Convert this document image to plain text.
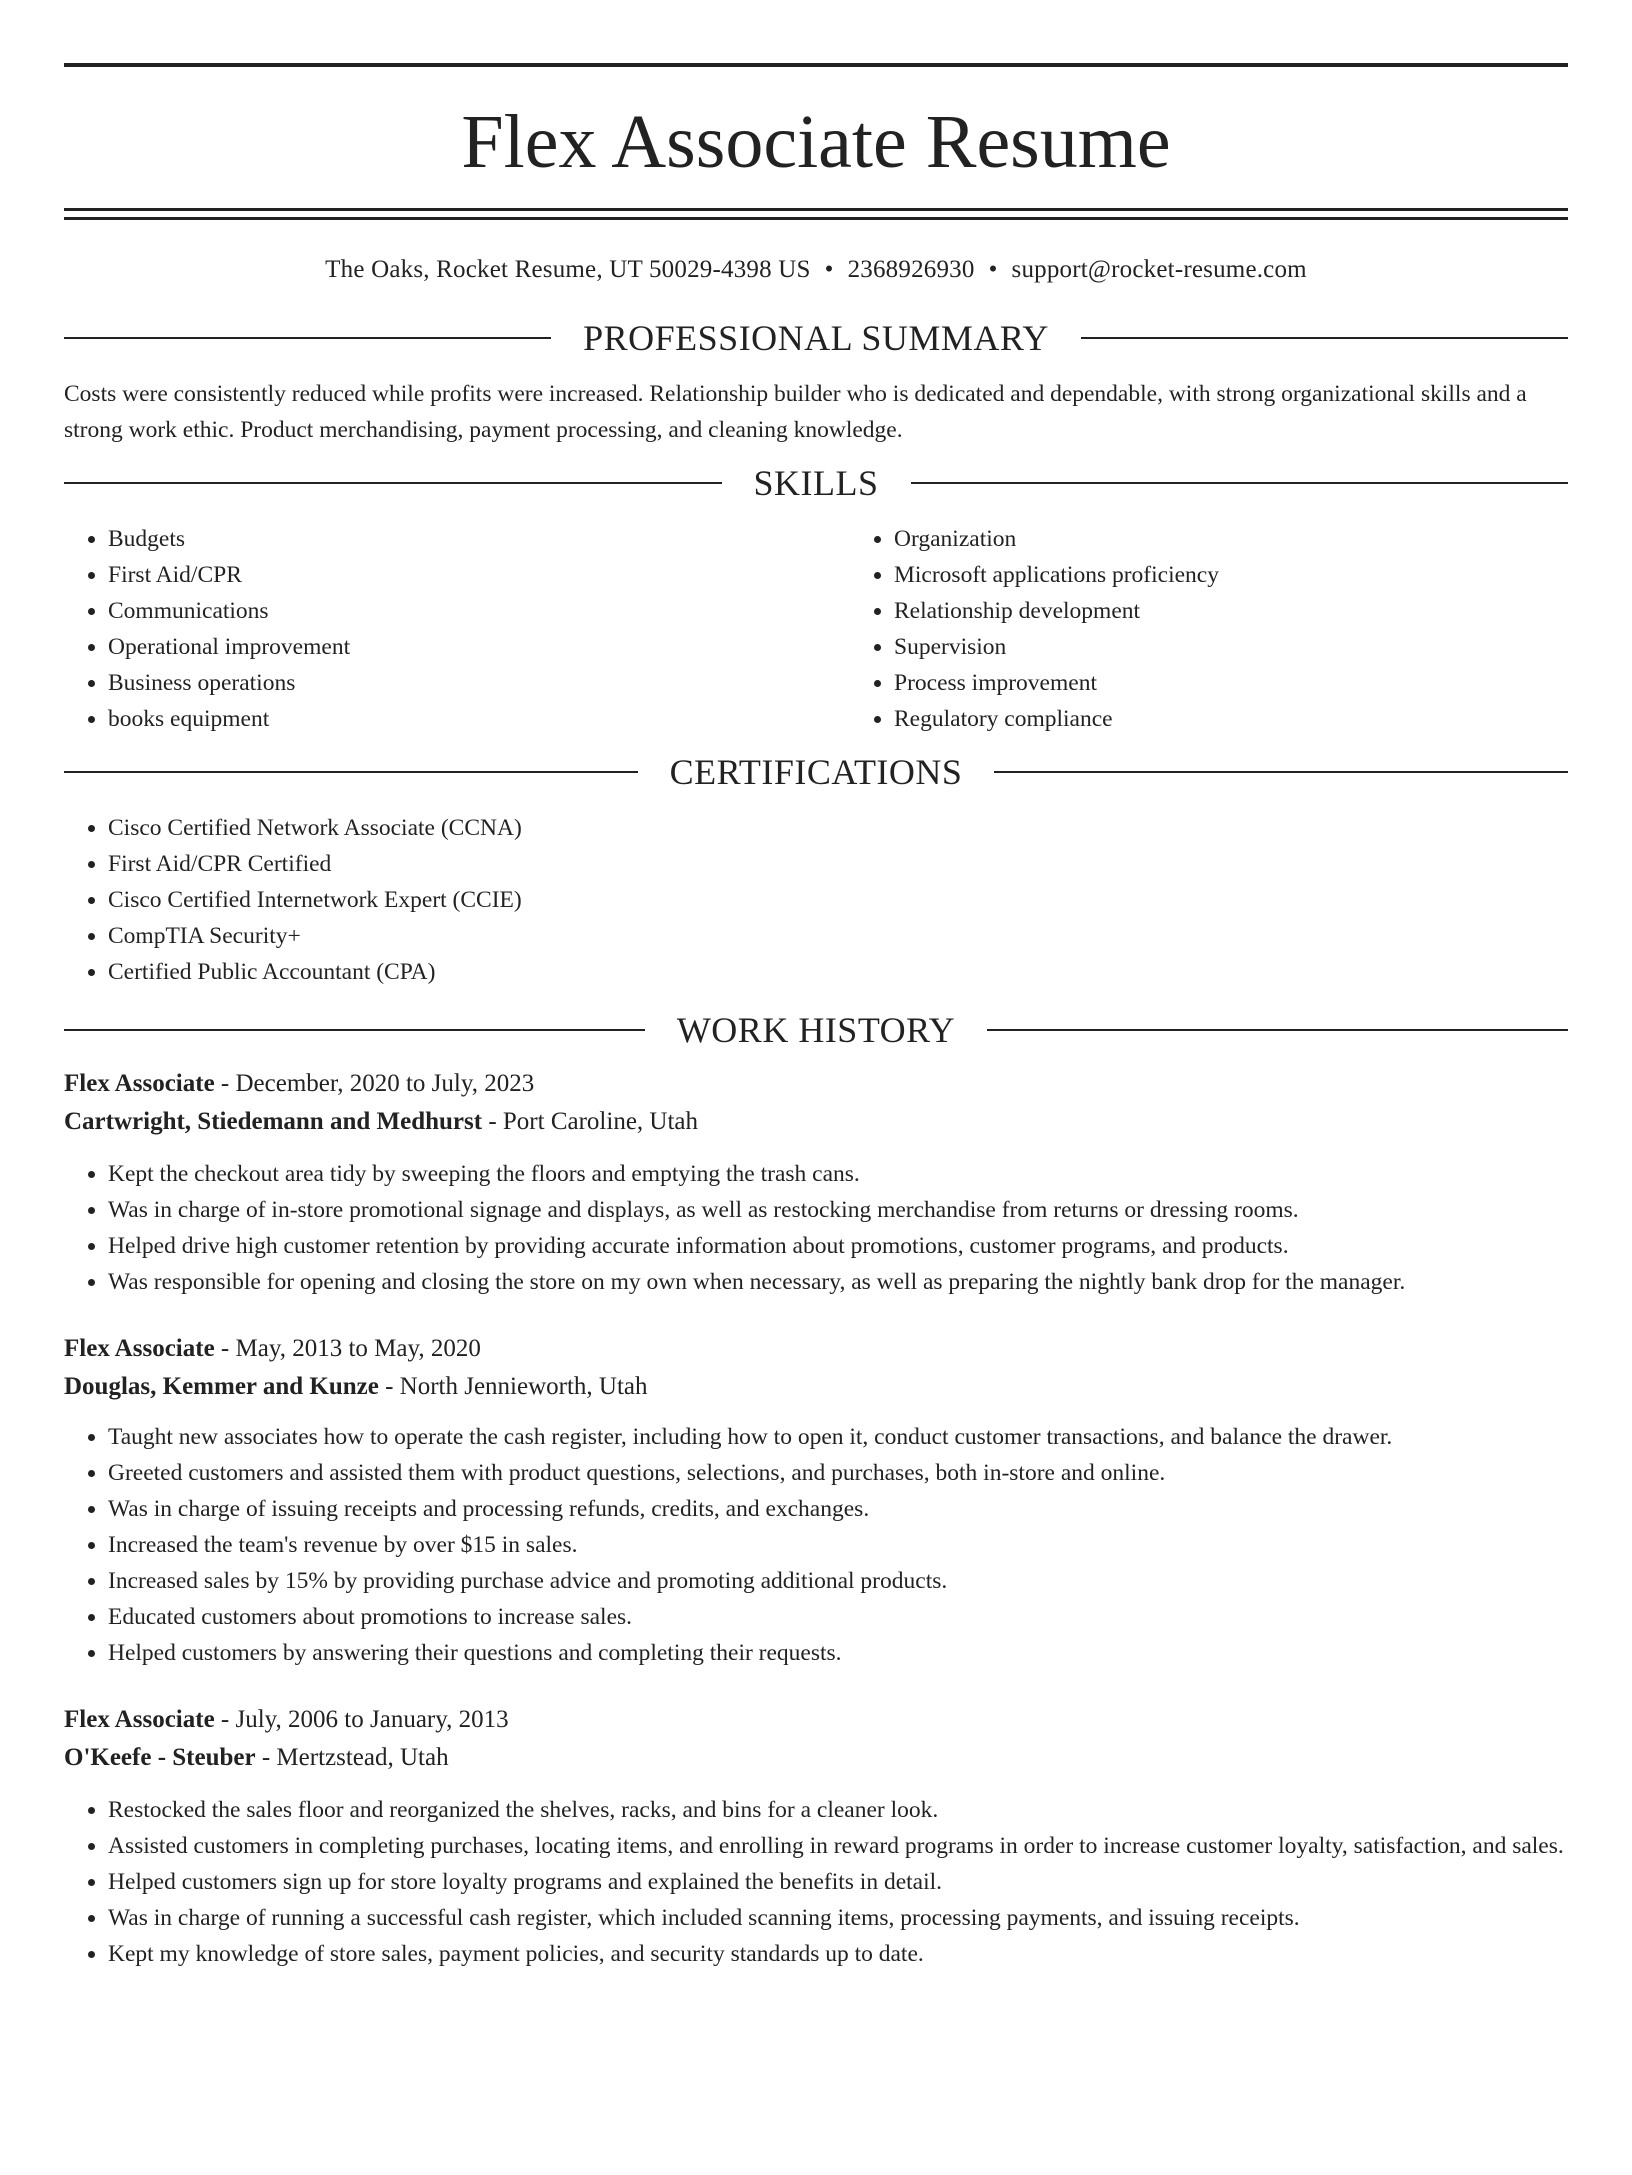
Flex Associate Resume
The Oaks, Rocket Resume, UT 50029-4398 US • 2368926930 • support@rocket-resume.com
PROFESSIONAL SUMMARY

Costs were consistently reduced while profits were increased. Relationship builder who is dedicated and dependable, with strong organizational skills and a strong work ethic. Product merchandising, payment processing, and cleaning knowledge.

SKILLS
• Budgets
• First Aid/CPR
• Communications
• Operational improvement
• Business operations
• books equipment
• Organization
• Microsoft applications proficiency
• Relationship development
• Supervision
• Process improvement
• Regulatory compliance
CERTIFICATIONS
• Cisco Certified Network Associate (CCNA)
• First Aid/CPR Certified
• Cisco Certified Internetwork Expert (CCIE)
• CompTIA Security+
• Certified Public Accountant (CPA)
WORK HISTORY
Flex Associate - December, 2020 to July, 2023
Cartwright, Stiedemann and Medhurst - Port Caroline, Utah
• Kept the checkout area tidy by sweeping the floors and emptying the trash cans.
• Was in charge of in-store promotional signage and displays, as well as restocking merchandise from returns or dressing rooms.
• Helped drive high customer retention by providing accurate information about promotions, customer programs, and products.
• Was responsible for opening and closing the store on my own when necessary, as well as preparing the nightly bank drop for the manager.
Flex Associate - May, 2013 to May, 2020
Douglas, Kemmer and Kunze - North Jennieworth, Utah
• Taught new associates how to operate the cash register, including how to open it, conduct customer transactions, and balance the drawer.
• Greeted customers and assisted them with product questions, selections, and purchases, both in-store and online.
• Was in charge of issuing receipts and processing refunds, credits, and exchanges.
• Increased the team's revenue by over $15 in sales.
• Increased sales by 15% by providing purchase advice and promoting additional products.
• Educated customers about promotions to increase sales.
• Helped customers by answering their questions and completing their requests.
Flex Associate - July, 2006 to January, 2013
O'Keefe - Steuber - Mertzstead, Utah
• Restocked the sales floor and reorganized the shelves, racks, and bins for a cleaner look.
• Assisted customers in completing purchases, locating items, and enrolling in reward programs in order to increase customer loyalty, satisfaction, and sales.
• Helped customers sign up for store loyalty programs and explained the benefits in detail.
• Was in charge of running a successful cash register, which included scanning items, processing payments, and issuing receipts.
• Kept my knowledge of store sales, payment policies, and security standards up to date.
